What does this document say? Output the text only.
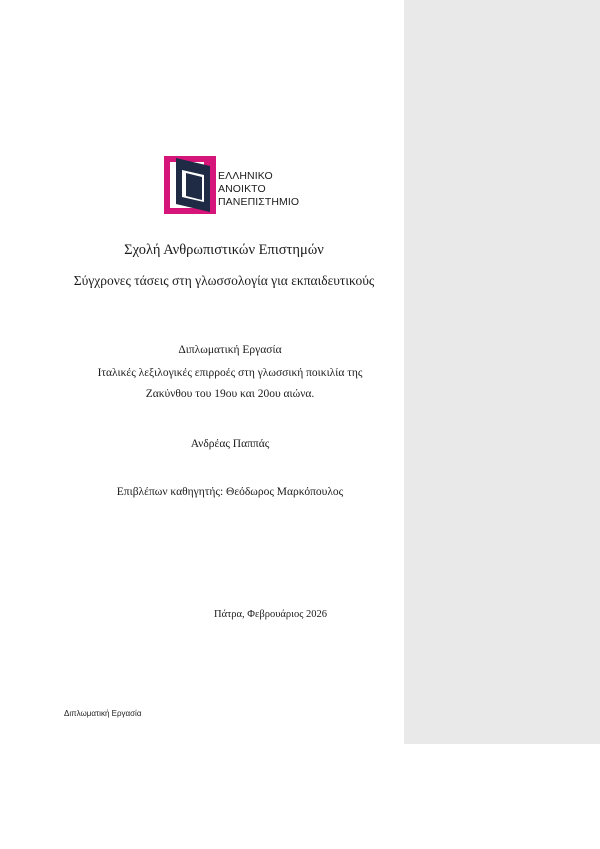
ΕΛΛΗΝΙΚΟ
ΑΝΟΙΚΤΟ
ΠΑΝΕΠΙΣΤΗΜΙΟ
Σχολή Ανθρωπιστικών Επιστημών
Σύγχρονες τάσεις στη γλωσσολογία για εκπαιδευτικούς
Διπλωματική Εργασία
Ιταλικές λεξιλογικές επιρροές στη γλωσσική ποικιλία της
Ζακύνθου του 19ου και 20ου αιώνα.
Ανδρέας Παππάς
Επιβλέπων καθηγητής: Θεόδωρος Μαρκόπουλος
Πάτρα, Φεβρουάριος 2026
Διπλωματική Εργασία
